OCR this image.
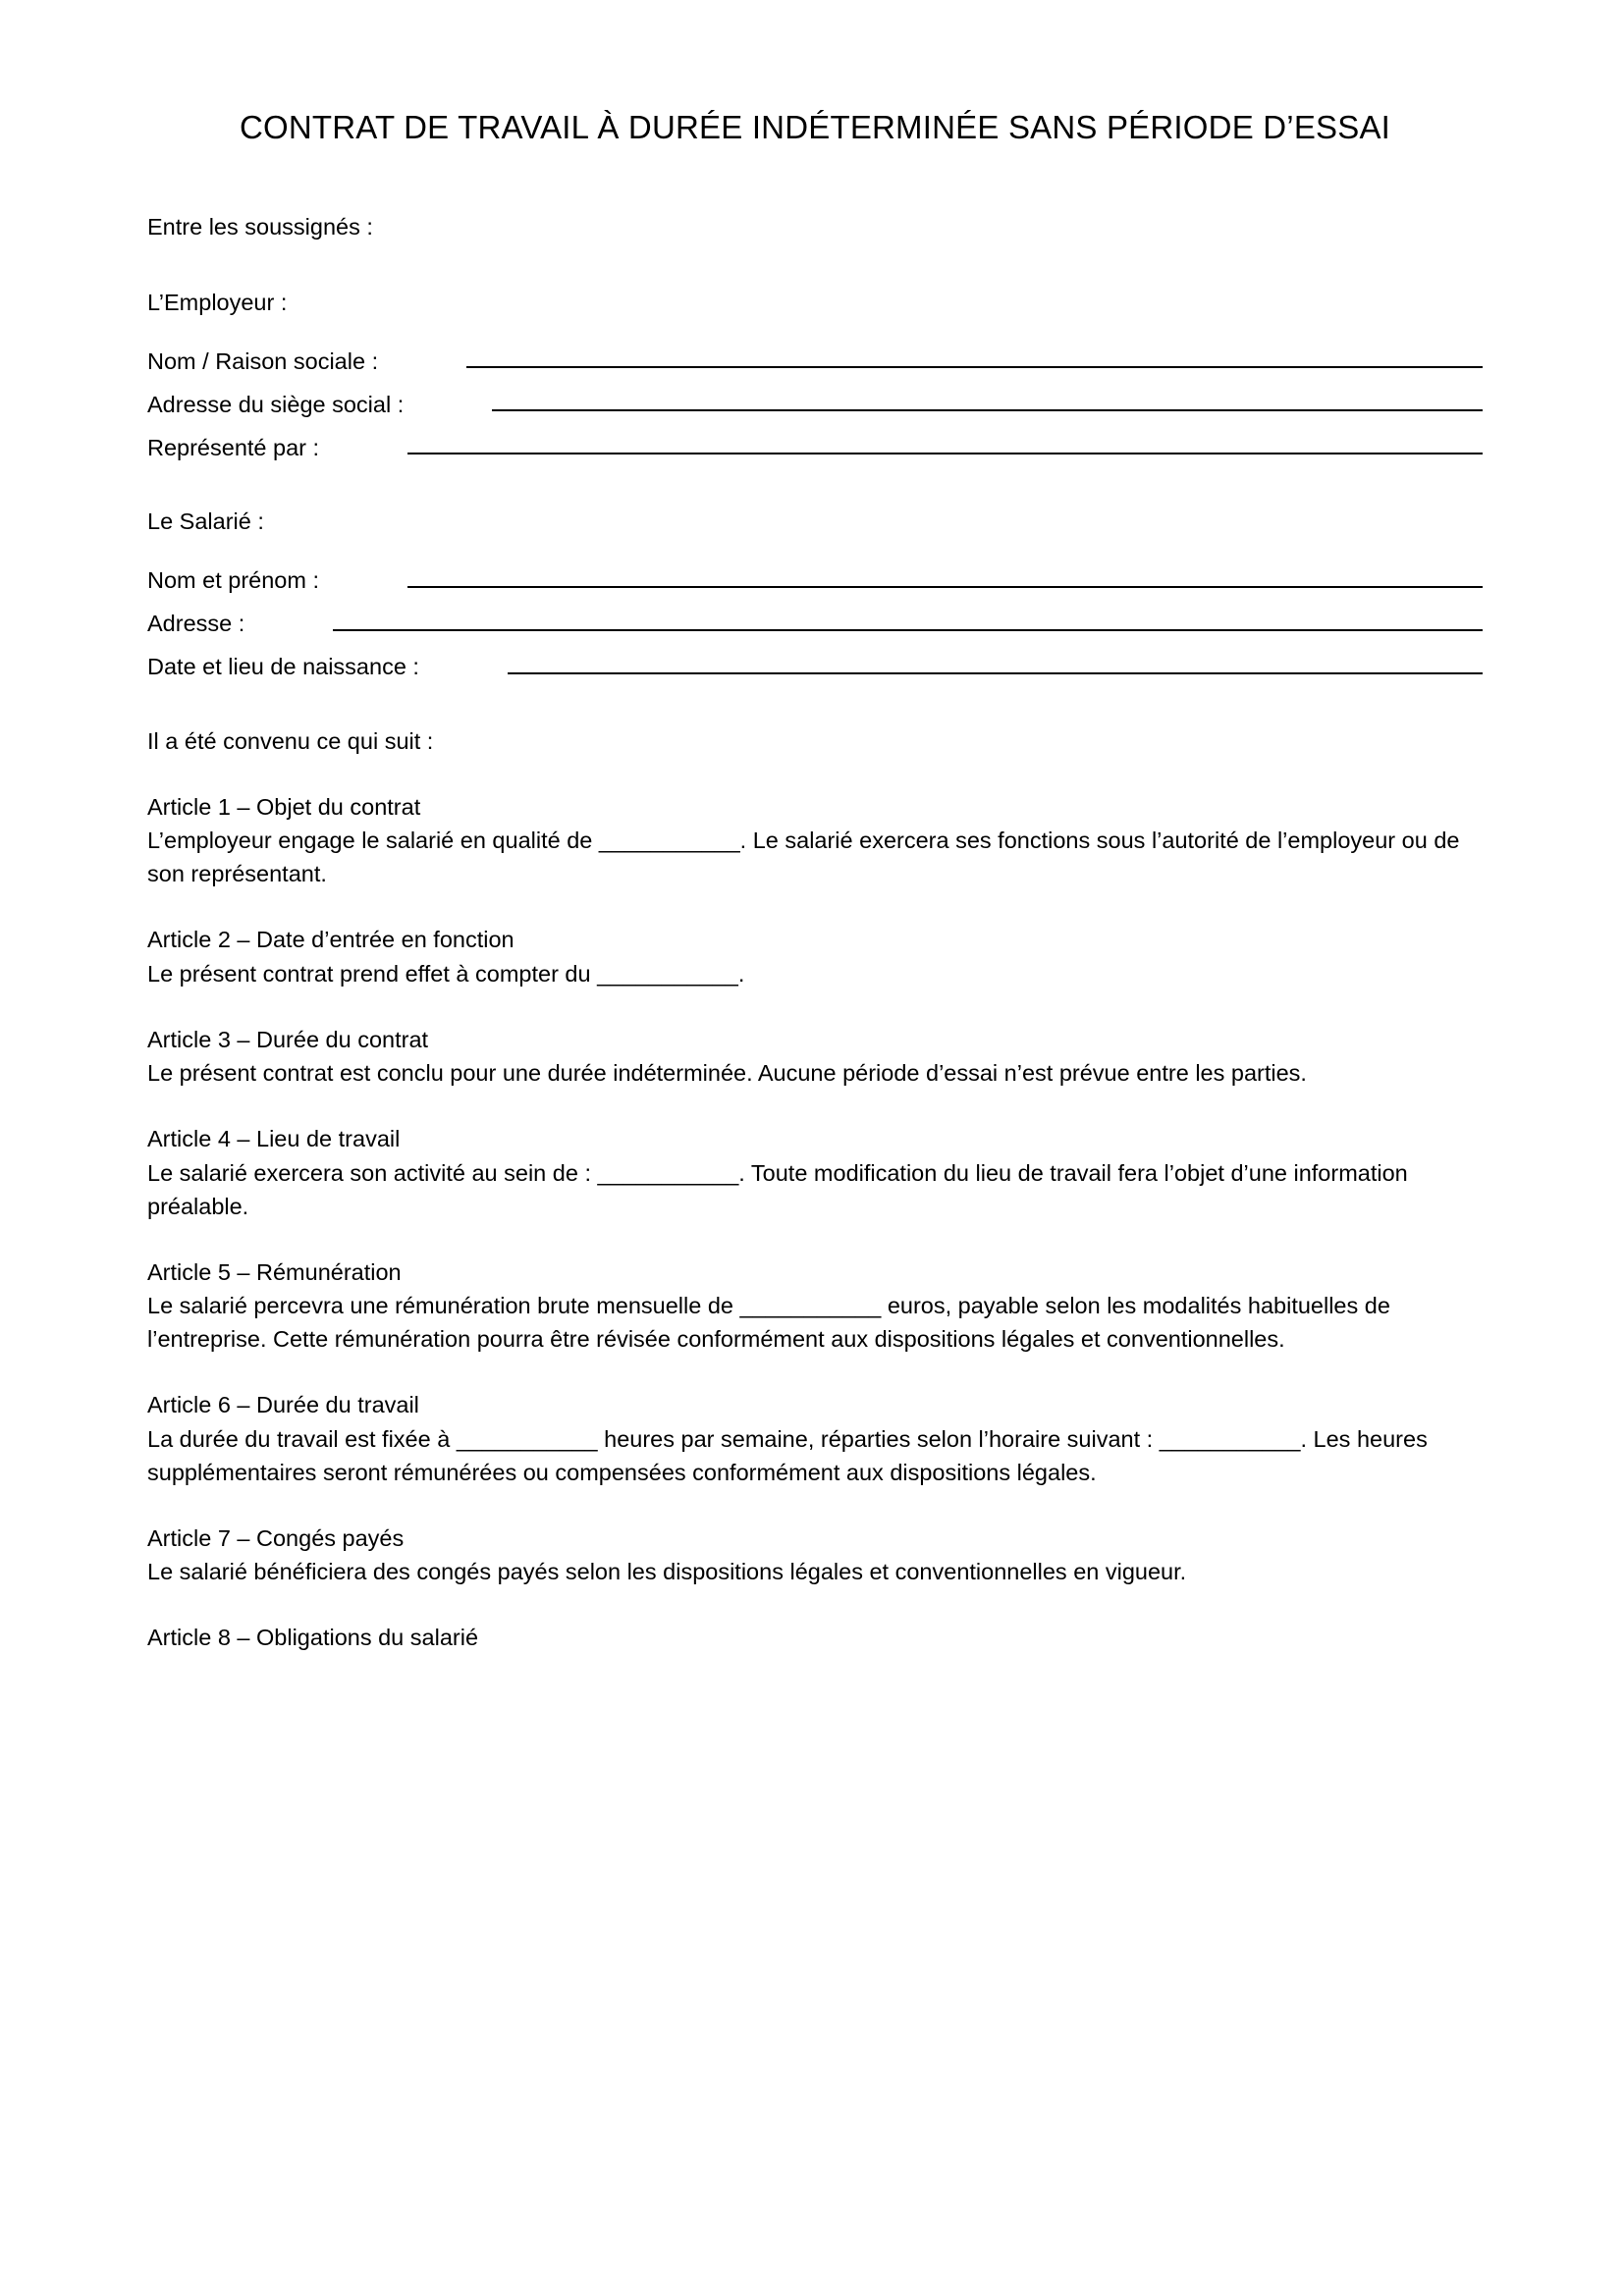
CONTRAT DE TRAVAIL À DURÉE INDÉTERMINÉE SANS PÉRIODE D’ESSAI

Entre les soussignés :

L’Employeur :

Nom / Raison sociale :
Adresse du siège social :
Représenté par :

Le Salarié :

Nom et prénom :
Adresse :
Date et lieu de naissance :

Il a été convenu ce qui suit :

Article 1 – Objet du contrat

L’employeur engage le salarié en qualité de ___________. Le salarié exercera ses fonctions sous l’autorité de l’employeur ou de son représentant.

Article 2 – Date d’entrée en fonction

Le présent contrat prend effet à compter du ___________.

Article 3 – Durée du contrat

Le présent contrat est conclu pour une durée indéterminée. Aucune période d’essai n’est prévue entre les parties.

Article 4 – Lieu de travail

Le salarié exercera son activité au sein de : ___________. Toute modification du lieu de travail fera l’objet d’une information préalable.

Article 5 – Rémunération

Le salarié percevra une rémunération brute mensuelle de ___________ euros, payable selon les modalités habituelles de l’entreprise. Cette rémunération pourra être révisée conformément aux dispositions légales et conventionnelles.

Article 6 – Durée du travail

La durée du travail est fixée à ___________ heures par semaine, réparties selon l’horaire suivant : ___________. Les heures supplémentaires seront rémunérées ou compensées conformément aux dispositions légales.

Article 7 – Congés payés

Le salarié bénéficiera des congés payés selon les dispositions légales et conventionnelles en vigueur.

Article 8 – Obligations du salarié
